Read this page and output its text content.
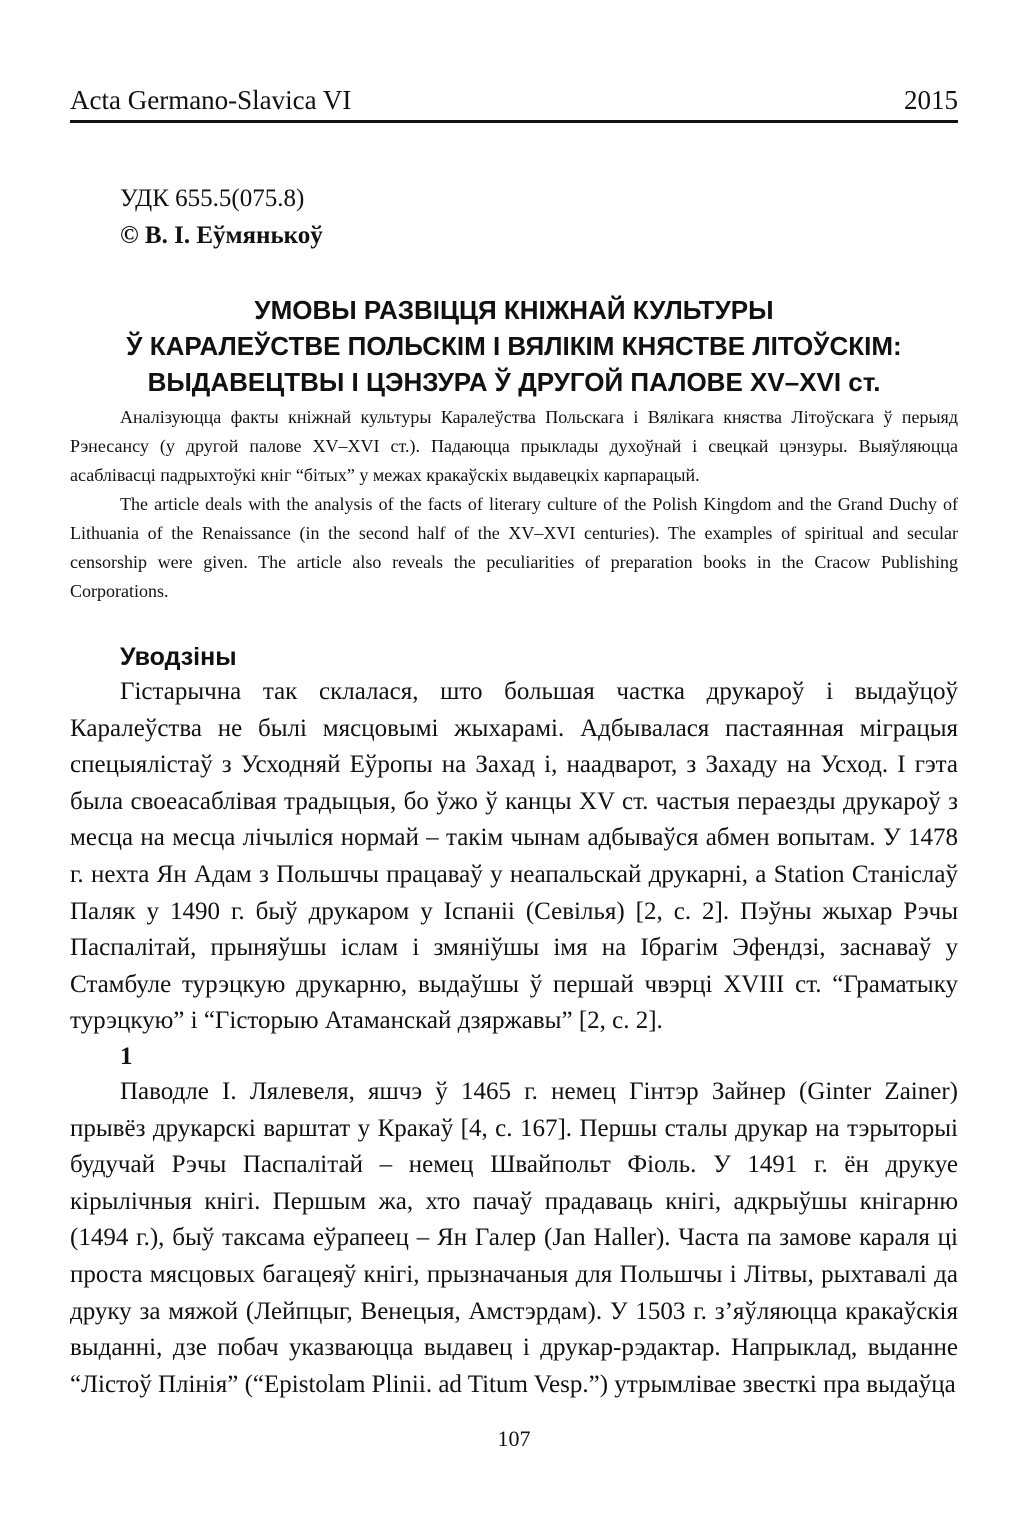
Acta Germano-Slavica VI	2015
УДК 655.5(075.8)
© В. І. Еўмянькоў
УМОВЫ РАЗВІЦЦЯ КНІЖНАЙ КУЛЬТУРЫ
Ў КАРАЛЕЎСТВЕ ПОЛЬСКІМ І ВЯЛІКІМ КНЯСТВЕ ЛІТОЎСКІМ:
ВЫДАВЕЦТВЫ І ЦЭНЗУРА Ў ДРУГОЙ ПАЛОВЕ XV–XVI ст.

Аналізуюцца факты кніжнай культуры Каралеўства Польскага і Вялікага княства Літоўскага ў перыяд Рэнесансу (у другой палове XV–XVI ст.). Падаюцца прыклады духоўнай і свецкай цэнзуры. Выяўляюцца асаблівасці падрыхтоўкі кніг “бітых” у межах кракаўскіх выдавецкіх карпарацый.

The article deals with the analysis of the facts of literary culture of the Polish Kingdom and the Grand Duchy of Lithuania of the Renaissance (in the second half of the XV–XVI centuries). The examples of spiritual and secular censorship were given. The article also reveals the peculiarities of preparation books in the Cracow Publishing Corporations.

Уводзіны

Гістарычна так склалася, што большая частка друкароў і выдаўцоў Каралеўства не былі мясцовымі жыхарамі. Адбывалася пастаянная міграцыя спецыялістаў з Усходняй Еўропы на Захад і, наадварот, з Захаду на Усход. І гэта была своеасаблівая традыцыя, бо ўжо ў канцы XV ст. частыя пераезды друкароў з месца на месца лічыліся нормай – такім чынам адбываўся абмен вопытам. У 1478 г. нехта Ян Адам з Польшчы працаваў у неапальскай друкарні, а Station Станіслаў Паляк у 1490 г. быў друкаром у Іспаніі (Севілья) [2, с. 2]. Пэўны жыхар Рэчы Паспалітай, прыняўшы іслам і змяніўшы імя на Ібрагім Эфендзі, заснаваў у Стамбуле турэцкую друкарню, выдаўшы ў першай чвэрці XVIII ст. “Граматыку турэцкую” і “Гісторыю Атаманскай дзяржавы” [2, с. 2].

1

Паводле І. Лялевеля, яшчэ ў 1465 г. немец Гінтэр Зайнер (Ginter Zainer) прывёз друкарскі варштат у Кракаў [4, с. 167]. Першы сталы друкар на тэрыторыі будучай Рэчы Паспалітай – немец Швайпольт Фіоль. У 1491 г. ён друкуе кірылічныя кнігі. Першым жа, хто пачаў прадаваць кнігі, адкрыўшы кнігарню (1494 г.), быў таксама еўрапеец – Ян Галер (Jan Haller). Часта па замове караля ці проста мясцовых багацеяў кнігі, прызначаныя для Польшчы і Літвы, рыхтавалі да друку за мяжой (Лейпцыг, Венецыя, Амстэрдам). У 1503 г. з’яўляюцца кракаўскія выданні, дзе побач указваюцца выдавец і друкар-рэдактар. Напрыклад, выданне “Лістоў Плінія” (“Epistolam Plinii. ad Titum Vesp.”) утрымлівае звесткі пра выдаўца

107
